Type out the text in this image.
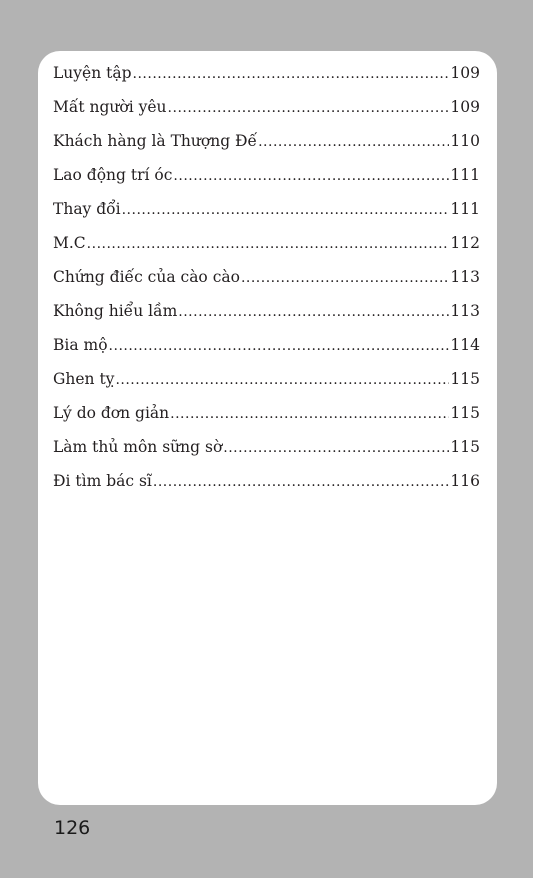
Luyện tập .....	109
Mất người yêu .....	109
Khách hàng là Thượng Đế .....	110
Lao động trí óc .....	111
Thay đổi .....	111
M.C .....	112
Chứng điếc của cào cào .....	113
Không hiểu lầm .....	113
Bia mộ .....	114
Ghen tỵ .....	115
Lý do đơn giản .....	115
Làm thủ môn sững sờ .....	115
Đi tìm bác sĩ .....	116
126
